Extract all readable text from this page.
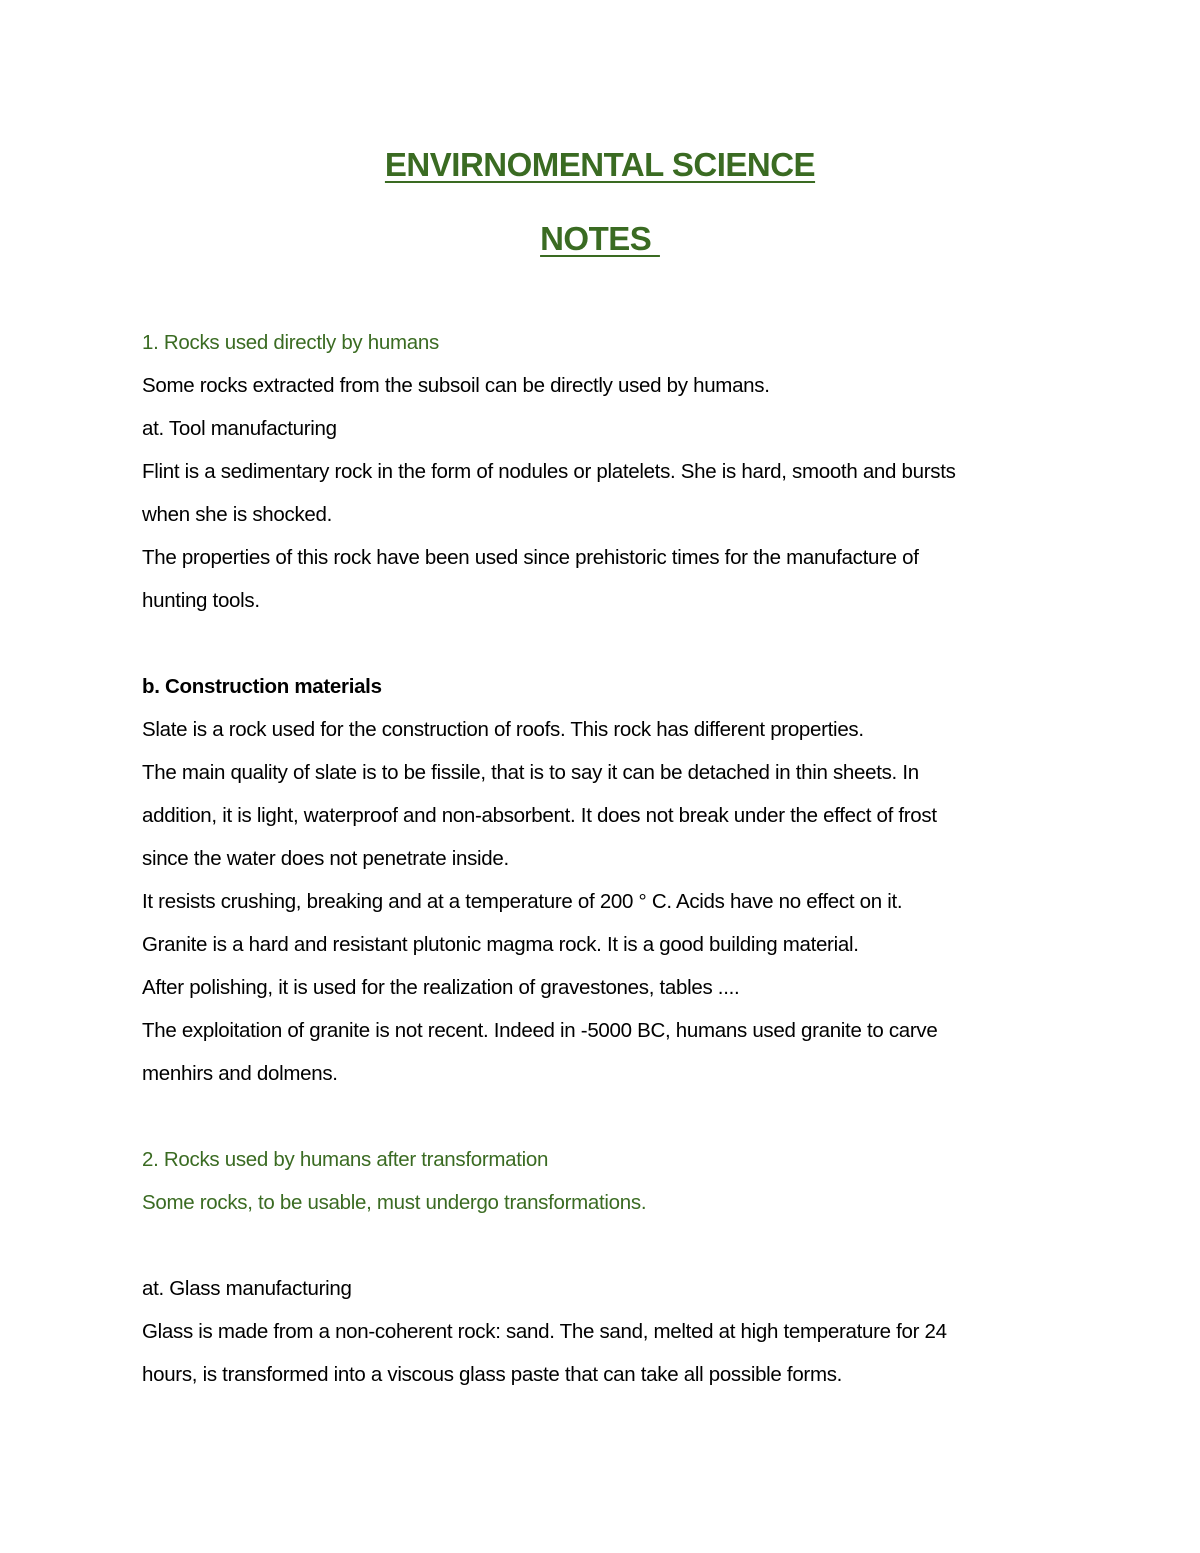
ENVIRNOMENTAL SCIENCE
NOTES
1. Rocks used directly by humans
Some rocks extracted from the subsoil can be directly used by humans.
at. Tool manufacturing
Flint is a sedimentary rock in the form of nodules or platelets. She is hard, smooth and bursts
when she is shocked.
The properties of this rock have been used since prehistoric times for the manufacture of
hunting tools.
b. Construction materials
Slate is a rock used for the construction of roofs. This rock has different properties.
The main quality of slate is to be fissile, that is to say it can be detached in thin sheets. In
addition, it is light, waterproof and non-absorbent. It does not break under the effect of frost
since the water does not penetrate inside.
It resists crushing, breaking and at a temperature of 200 ° C. Acids have no effect on it.
Granite is a hard and resistant plutonic magma rock. It is a good building material.
After polishing, it is used for the realization of gravestones, tables ....
The exploitation of granite is not recent. Indeed in -5000 BC, humans used granite to carve
menhirs and dolmens.
2. Rocks used by humans after transformation
Some rocks, to be usable, must undergo transformations.
at. Glass manufacturing
Glass is made from a non-coherent rock: sand. The sand, melted at high temperature for 24
hours, is transformed into a viscous glass paste that can take all possible forms.
